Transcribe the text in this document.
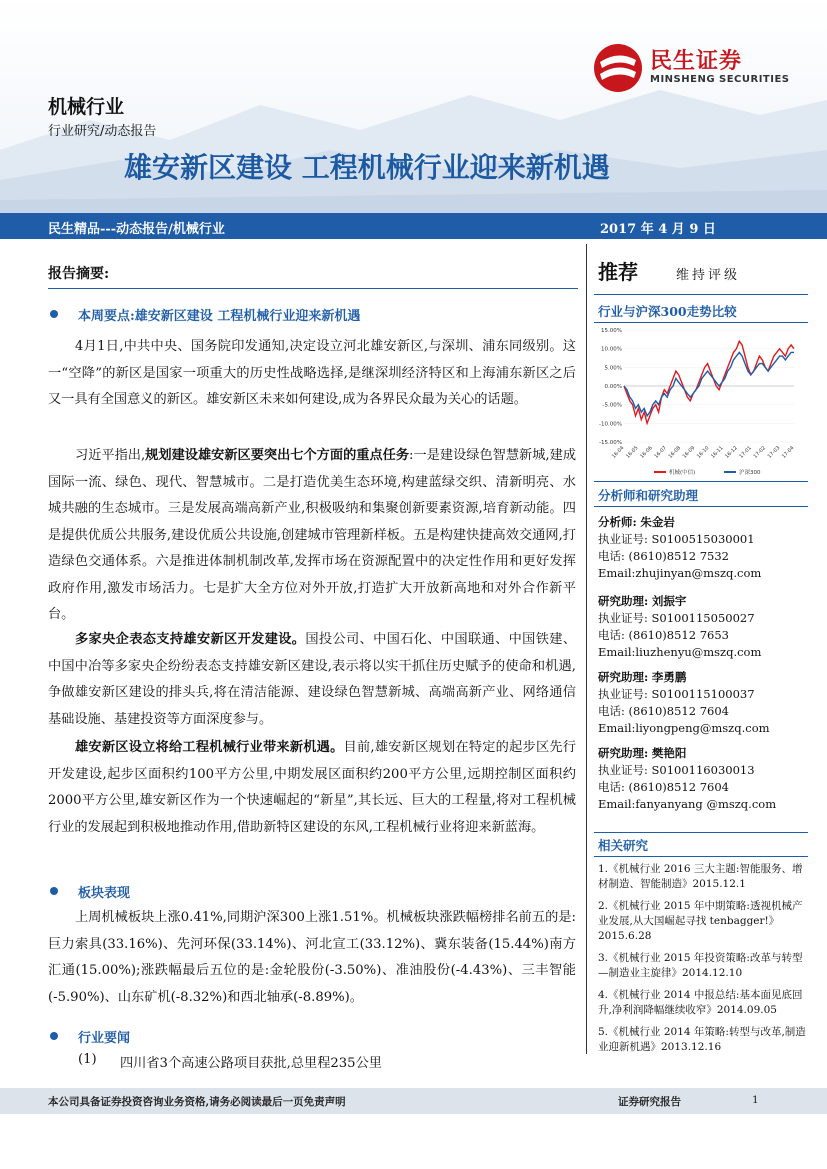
民生证券
MINSHENG SECURITIES
机械行业
行业研究/动态报告
雄安新区建设 工程机械行业迎来新机遇
民生精品---动态报告/机械行业	2017 年 4 月 9 日
报告摘要:
本周要点:雄安新区建设 工程机械行业迎来新机遇
4月1日,中共中央、国务院印发通知,决定设立河北雄安新区,与深圳、浦东同级别。这一“空降”的新区是国家一项重大的历史性战略选择,是继深圳经济特区和上海浦东新区之后又一具有全国意义的新区。雄安新区未来如何建设,成为各界民众最为关心的话题。
习近平指出,规划建设雄安新区要突出七个方面的重点任务:一是建设绿色智慧新城,建成国际一流、绿色、现代、智慧城市。二是打造优美生态环境,构建蓝绿交织、清新明亮、水城共融的生态城市。三是发展高端高新产业,积极吸纳和集聚创新要素资源,培育新动能。四是提供优质公共服务,建设优质公共设施,创建城市管理新样板。五是构建快捷高效交通网,打造绿色交通体系。六是推进体制机制改革,发挥市场在资源配置中的决定性作用和更好发挥政府作用,激发市场活力。七是扩大全方位对外开放,打造扩大开放新高地和对外合作新平台。
多家央企表态支持雄安新区开发建设。国投公司、中国石化、中国联通、中国铁建、中国中冶等多家央企纷纷表态支持雄安新区建设,表示将以实干抓住历史赋予的使命和机遇,争做雄安新区建设的排头兵,将在清洁能源、建设绿色智慧新城、高端高新产业、网络通信基础设施、基建投资等方面深度参与。
雄安新区设立将给工程机械行业带来新机遇。目前,雄安新区规划在特定的起步区先行开发建设,起步区面积约100平方公里,中期发展区面积约200平方公里,远期控制区面积约2000平方公里,雄安新区作为一个快速崛起的“新星”,其长远、巨大的工程量,将对工程机械行业的发展起到积极地推动作用,借助新特区建设的东风,工程机械行业将迎来新蓝海。
板块表现
上周机械板块上涨0.41%,同期沪深300上涨1.51%。机械板块涨跌幅榜排名前五的是:巨力索具(33.16%)、先河环保(33.14%)、河北宣工(33.12%)、冀东装备(15.44%)南方汇通(15.00%);涨跌幅最后五位的是:金轮股份(-3.50%)、准油股份(-4.43%)、三丰智能(-5.90%)、山东矿机(-8.32%)和西北轴承(-8.89%)。
行业要闻
(1) 四川省3个高速公路项目获批,总里程235公里
推荐	维持评级
行业与沪深300走势比较
15.00%
10.00%
5.00%
0.00%
-5.00%
-10.00%
-15.00%
16-04 16-05 16-06 16-07 16-08 16-09 16-10 16-11 16-12 17-01 17-02 17-03 17-04
机械(中信)	沪深300
分析师和研究助理
分析师: 朱金岩
执业证号: S0100515030001
电话: (8610)8512 7532
Email:zhujinyan@mszq.com
研究助理: 刘振宇
执业证号: S0100115050027
电话: (8610)8512 7653
Email:liuzhenyu@mszq.com
研究助理: 李勇鹏
执业证号: S0100115100037
电话: (8610)8512 7604
Email:liyongpeng@mszq.com
研究助理: 樊艳阳
执业证号: S0100116030013
电话: (8610)8512 7604
Email:fanyanyang @mszq.com
相关研究
1.《机械行业 2016 三大主题:智能服务、增材制造、智能制造》2015.12.1
2.《机械行业 2015 年中期策略:透视机械产业发展,从大国崛起寻找 tenbagger!》2015.6.28
3.《机械行业 2015 年投资策略:改革与转型—制造业主旋律》2014.12.10
4.《机械行业 2014 中报总结:基本面见底回升,净利润降幅继续收窄》2014.09.05
5.《机械行业 2014 年策略:转型与改革,制造业迎新机遇》2013.12.16
本公司具备证券投资咨询业务资格,请务必阅读最后一页免责声明	证券研究报告	1
